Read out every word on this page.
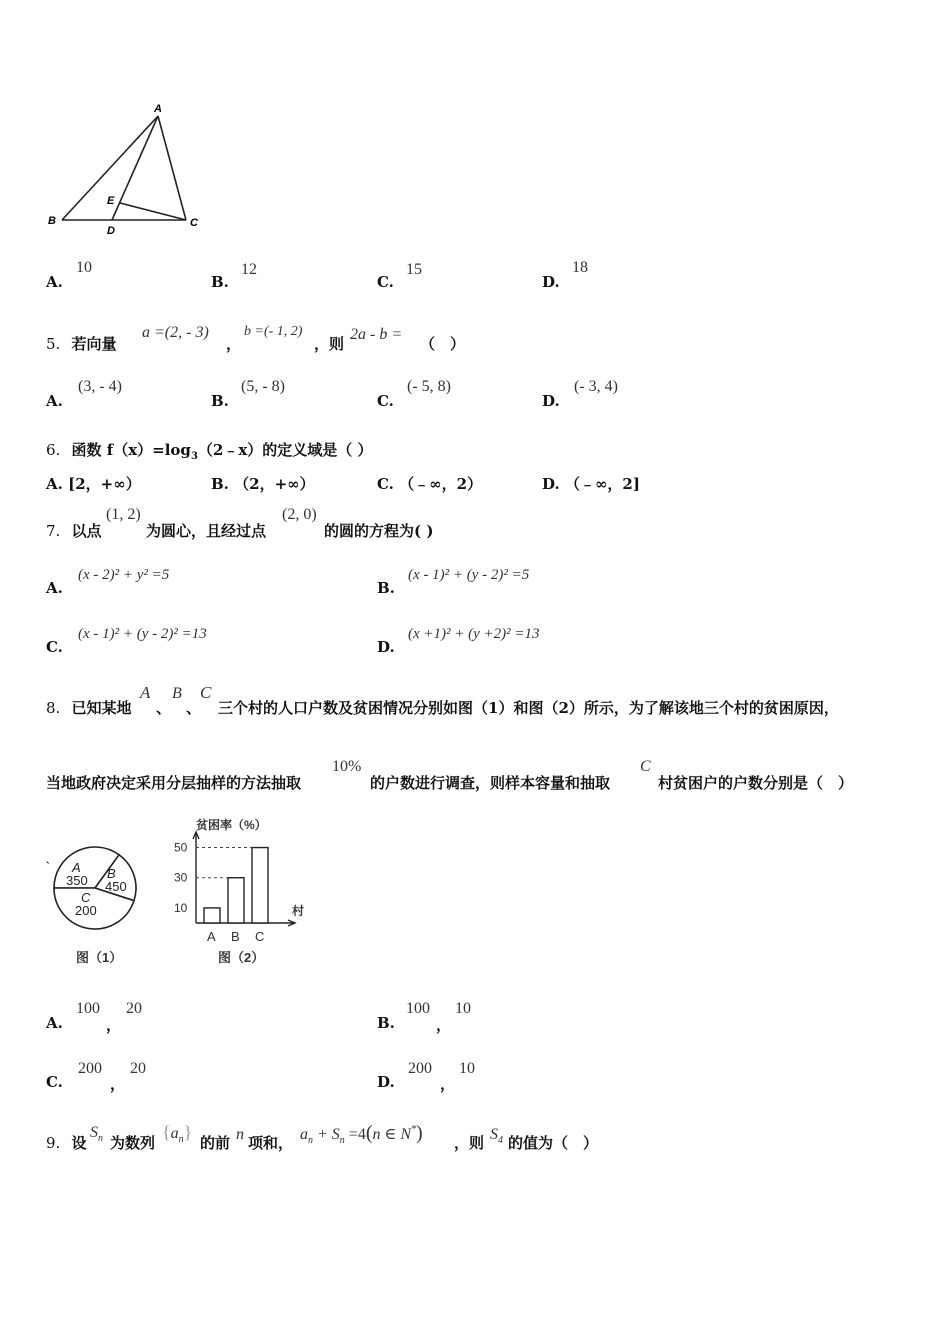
A
B	C
D
E
A.
10
B.
12
C.
15
D.
18
5. 若向量
a =(2, - 3)
，
b =(- 1, 2)
，则
2a - b =
（　）
A.
(3, - 4)
B.
(5, - 8)
C.
(- 5, 8)
D.
(- 3, 4)
6. 函数 $f(x)=\log_3(2﹣x)$的定义域是（ ）
A. [2，+∞）	B. （2，+∞）	C. （﹣∞，2）	D. （﹣∞，2]
7. 以点
(1, 2)
为圆心，且经过点
(2, 0)
的圆的方程为( )
A.
(x - 2)² + y² =5
B.
(x - 1)² + (y - 2)² =5
C.
(x - 1)² + (y - 2)² =13
D.
(x +1)² + (y +2)² =13
8. 已知某地
A
、
B
、
C
三个村的人口户数及贫困情况分别如图（1）和图（2）所示，为了解该地三个村的贫困原因，
当地政府决定采用分层抽样的方法抽取
10%
的户数进行调查，则样本容量和抽取
C
村贫困户的户数分别是（　）
A
350 B
450
C
200
`
图（1）
10
30
50
A B C
贫困率（%）
村
图（2）
A.
100
，
20
B.
100
，
10
C.
200
，
20
D.
200
，
10
9. 设
$S_n$ 为数列
$\{a_n\}$
的前 n 项和， $a_n + S_n =4(n$ ∈ N*) ，则 $S_4$ 的值为（　）
